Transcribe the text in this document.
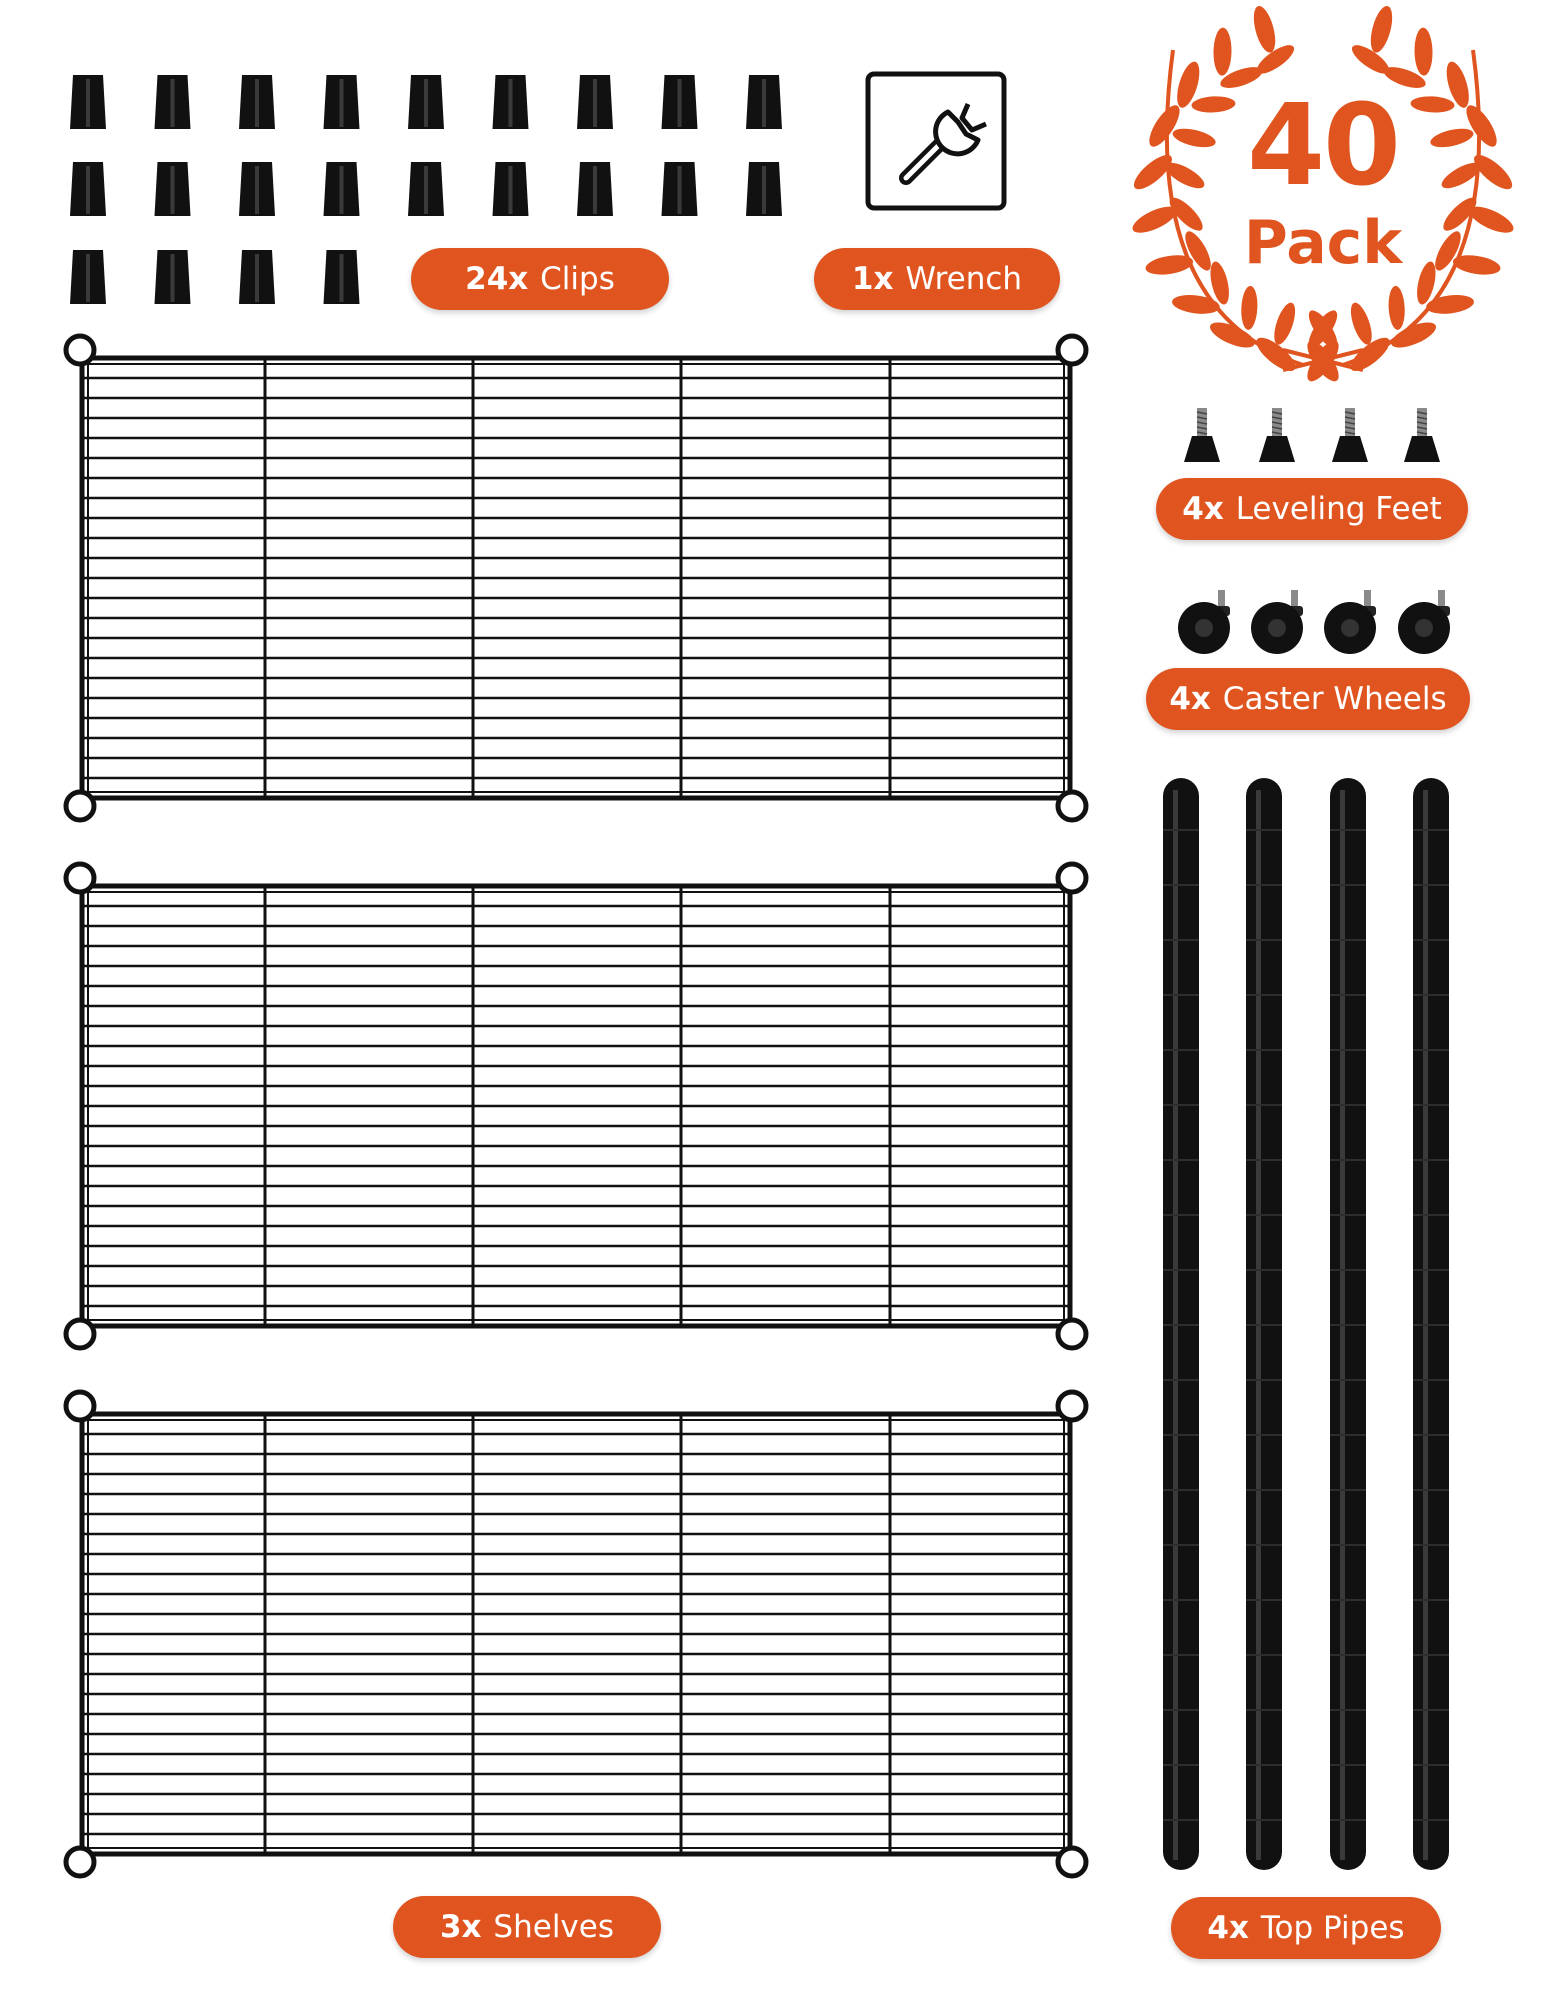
40
Pack
24x
Clips	1x
Wrench
4x
Leveling Feet
4x
Caster Wheels
3x
Shelves	4x
Top Pipes
